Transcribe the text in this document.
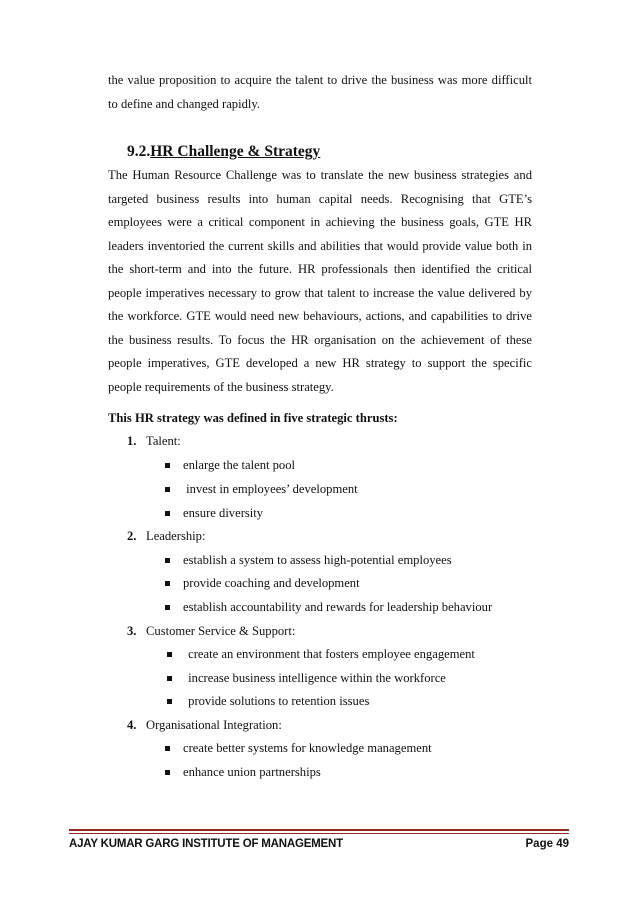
the value proposition to acquire the talent to drive the business was more difficult
to define and changed rapidly.
9.2.HR Challenge & Strategy
The Human Resource Challenge was to translate the new business strategies and
targeted business results into human capital needs. Recognising that GTE’s
employees were a critical component in achieving the business goals, GTE HR
leaders inventoried the current skills and abilities that would provide value both in
the short-term and into the future. HR professionals then identified the critical
people imperatives necessary to grow that talent to increase the value delivered by
the workforce. GTE would need new behaviours, actions, and capabilities to drive
the business results. To focus the HR organisation on the achievement of these
people imperatives, GTE developed a new HR strategy to support the specific
people requirements of the business strategy.
This HR strategy was defined in five strategic thrusts:
1. Talent:
enlarge the talent pool
invest in employees’ development
ensure diversity
2. Leadership:
establish a system to assess high-potential employees
provide coaching and development
establish accountability and rewards for leadership behaviour
3. Customer Service & Support:
create an environment that fosters employee engagement
increase business intelligence within the workforce
provide solutions to retention issues
4. Organisational Integration:
create better systems for knowledge management
enhance union partnerships
AJAY KUMAR GARG INSTITUTE OF MANAGEMENT	Page 49
